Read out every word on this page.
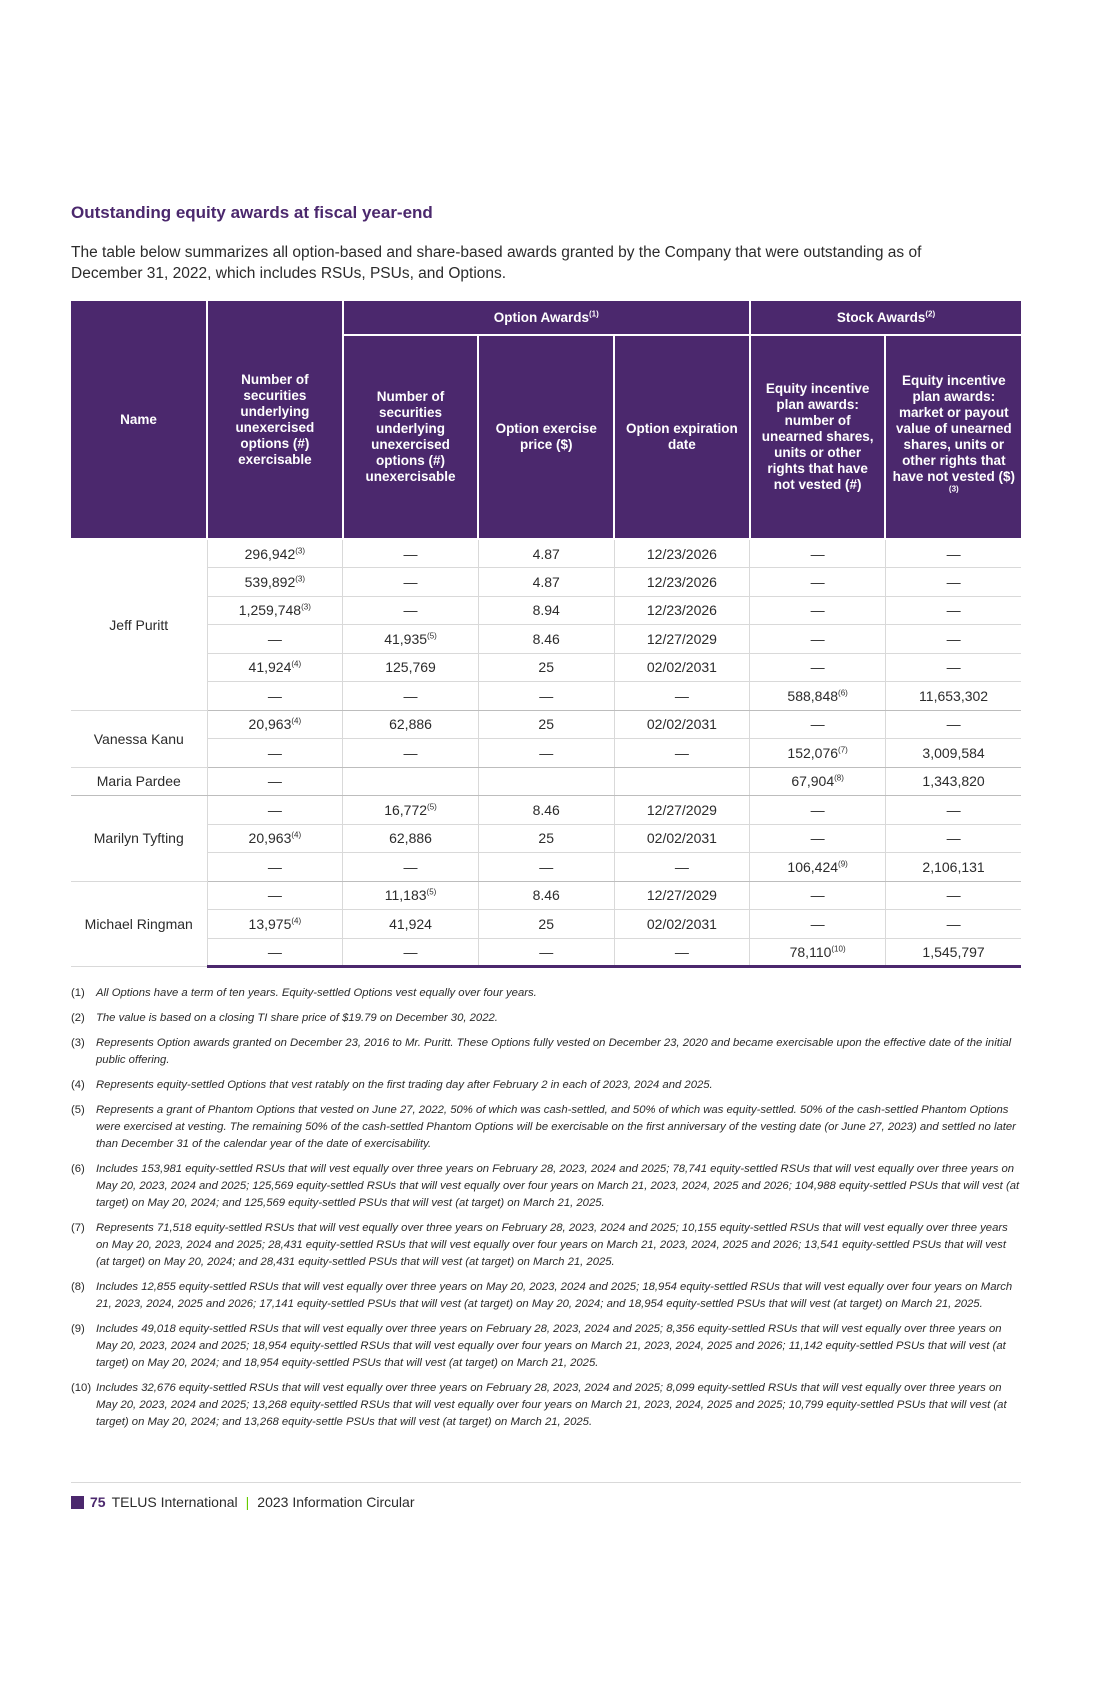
Outstanding equity awards at fiscal year-end

The table below summarizes all option-based and share-based awards granted by the Company that were outstanding as of December 31, 2022, which includes RSUs, PSUs, and Options.

Name	Number of securities underlying unexercised options (#) exercisable	Option Awards$^{(1)}$			Stock Awards$^{(2)}$
		Number of securities underlying unexercised options (#) unexercisable	Option exercise price ($)	Option expiration date	Equity incentive plan awards: number of unearned shares, units or other rights that have not vested (#)	Equity incentive plan awards: market or payout value of unearned shares, units or other rights that have not vested ($)$^{(3)}$
Jeff Puritt	296,942$^{(3)}$	—	4.87	12/23/2026	—	—
	539,892$^{(3)}$	—	4.87	12/23/2026	—	—
	1,259,748$^{(3)}$	—	8.94	12/23/2026	—	—
	—	41,935$^{(5)}$	8.46	12/27/2029	—	—
	41,924$^{(4)}$	125,769	25	02/02/2031	—	—
	—	—	—	—	588,848$^{(6)}$	11,653,302
Vanessa Kanu	20,963$^{(4)}$	62,886	25	02/02/2031	—	—
	—	—	—	—	152,076$^{(7)}$	3,009,584
Maria Pardee	—				67,904$^{(8)}$	1,343,820
Marilyn Tyfting	—	16,772$^{(5)}$	8.46	12/27/2029	—	—
	20,963$^{(4)}$	62,886	25	02/02/2031	—	—
	—	—	—	—	106,424$^{(9)}$	2,106,131
Michael Ringman	—	11,183$^{(5)}$	8.46	12/27/2029	—	—
	13,975$^{(4)}$	41,924	25	02/02/2031	—	—
	—	—	—	—	78,110$^{(10)}$	1,545,797
(1) All Options have a term of ten years. Equity-settled Options vest equally over four years.
(2) The value is based on a closing TI share price of $19.79 on December 30, 2022.
(3) Represents Option awards granted on December 23, 2016 to Mr. Puritt. These Options fully vested on December 23, 2020 and became exercisable upon the effective date of the initial public offering.
(4) Represents equity-settled Options that vest ratably on the first trading day after February 2 in each of 2023, 2024 and 2025.
(5) Represents a grant of Phantom Options that vested on June 27, 2022, 50% of which was cash-settled, and 50% of which was equity-settled. 50% of the cash-settled Phantom Options were exercised at vesting. The remaining 50% of the cash-settled Phantom Options will be exercisable on the first anniversary of the vesting date (or June 27, 2023) and settled no later than December 31 of the calendar year of the date of exercisability.
(6) Includes 153,981 equity-settled RSUs that will vest equally over three years on February 28, 2023, 2024 and 2025; 78,741 equity-settled RSUs that will vest equally over three years on May 20, 2023, 2024 and 2025; 125,569 equity-settled RSUs that will vest equally over four years on March 21, 2023, 2024, 2025 and 2026; 104,988 equity-settled PSUs that will vest (at target) on May 20, 2024; and 125,569 equity-settled PSUs that will vest (at target) on March 21, 2025.
(7) Represents 71,518 equity-settled RSUs that will vest equally over three years on February 28, 2023, 2024 and 2025; 10,155 equity-settled RSUs that will vest equally over three years on May 20, 2023, 2024 and 2025; 28,431 equity-settled RSUs that will vest equally over four years on March 21, 2023, 2024, 2025 and 2026; 13,541 equity-settled PSUs that will vest (at target) on May 20, 2024; and 28,431 equity-settled PSUs that will vest (at target) on March 21, 2025.
(8) Includes 12,855 equity-settled RSUs that will vest equally over three years on May 20, 2023, 2024 and 2025; 18,954 equity-settled RSUs that will vest equally over four years on March 21, 2023, 2024, 2025 and 2026; 17,141 equity-settled PSUs that will vest (at target) on May 20, 2024; and 18,954 equity-settled PSUs that will vest (at target) on March 21, 2025.
(9) Includes 49,018 equity-settled RSUs that will vest equally over three years on February 28, 2023, 2024 and 2025; 8,356 equity-settled RSUs that will vest equally over three years on May 20, 2023, 2024 and 2025; 18,954 equity-settled RSUs that will vest equally over four years on March 21, 2023, 2024, 2025 and 2026; 11,142 equity-settled PSUs that will vest (at target) on May 20, 2024; and 18,954 equity-settled PSUs that will vest (at target) on March 21, 2025.
(10) Includes 32,676 equity-settled RSUs that will vest equally over three years on February 28, 2023, 2024 and 2025; 8,099 equity-settled RSUs that will vest equally over three years on May 20, 2023, 2024 and 2025; 13,268 equity-settled RSUs that will vest equally over four years on March 21, 2023, 2024, 2025 and 2025; 10,799 equity-settled PSUs that will vest (at target) on May 20, 2024; and 13,268 equity-settle PSUs that will vest (at target) on March 21, 2025.
75 TELUS International | 2023 Information Circular
